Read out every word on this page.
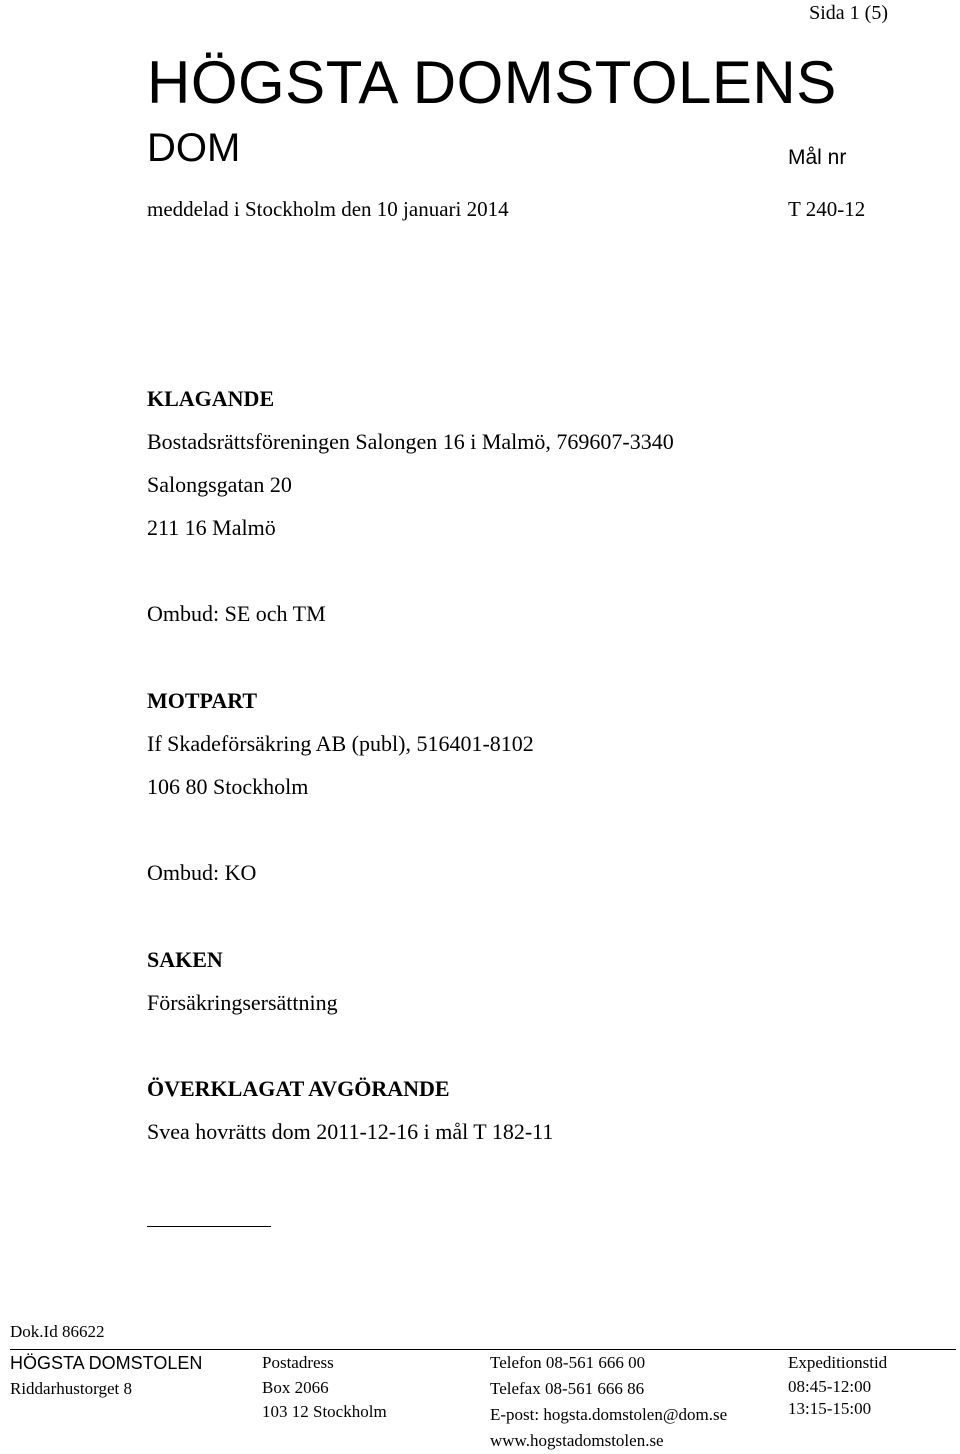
Sida 1 (5)
HÖGSTA DOMSTOLENS
DOM	Mål nr
meddelad i Stockholm den 10 januari 2014	T 240-12
KLAGANDE

Bostadsrättsföreningen Salongen 16 i Malmö, 769607-3340

Salongsgatan 20

211 16 Malmö

Ombud: SE och TM

MOTPART

If Skadeförsäkring AB (publ), 516401-8102

106 80 Stockholm

Ombud: KO

SAKEN

Försäkringsersättning

ÖVERKLAGAT AVGÖRANDE

Svea hovrätts dom 2011-12-16 i mål T 182-11

Dok.Id 86622
HÖGSTA DOMSTOLEN
Riddarhustorget 8
Postadress
Box 2066
103 12 Stockholm
Telefon 08-561 666 00
Telefax 08-561 666 86
E-post: hogsta.domstolen@dom.se
www.hogstadomstolen.se
Expeditionstid
08:45-12:00
13:15-15:00
